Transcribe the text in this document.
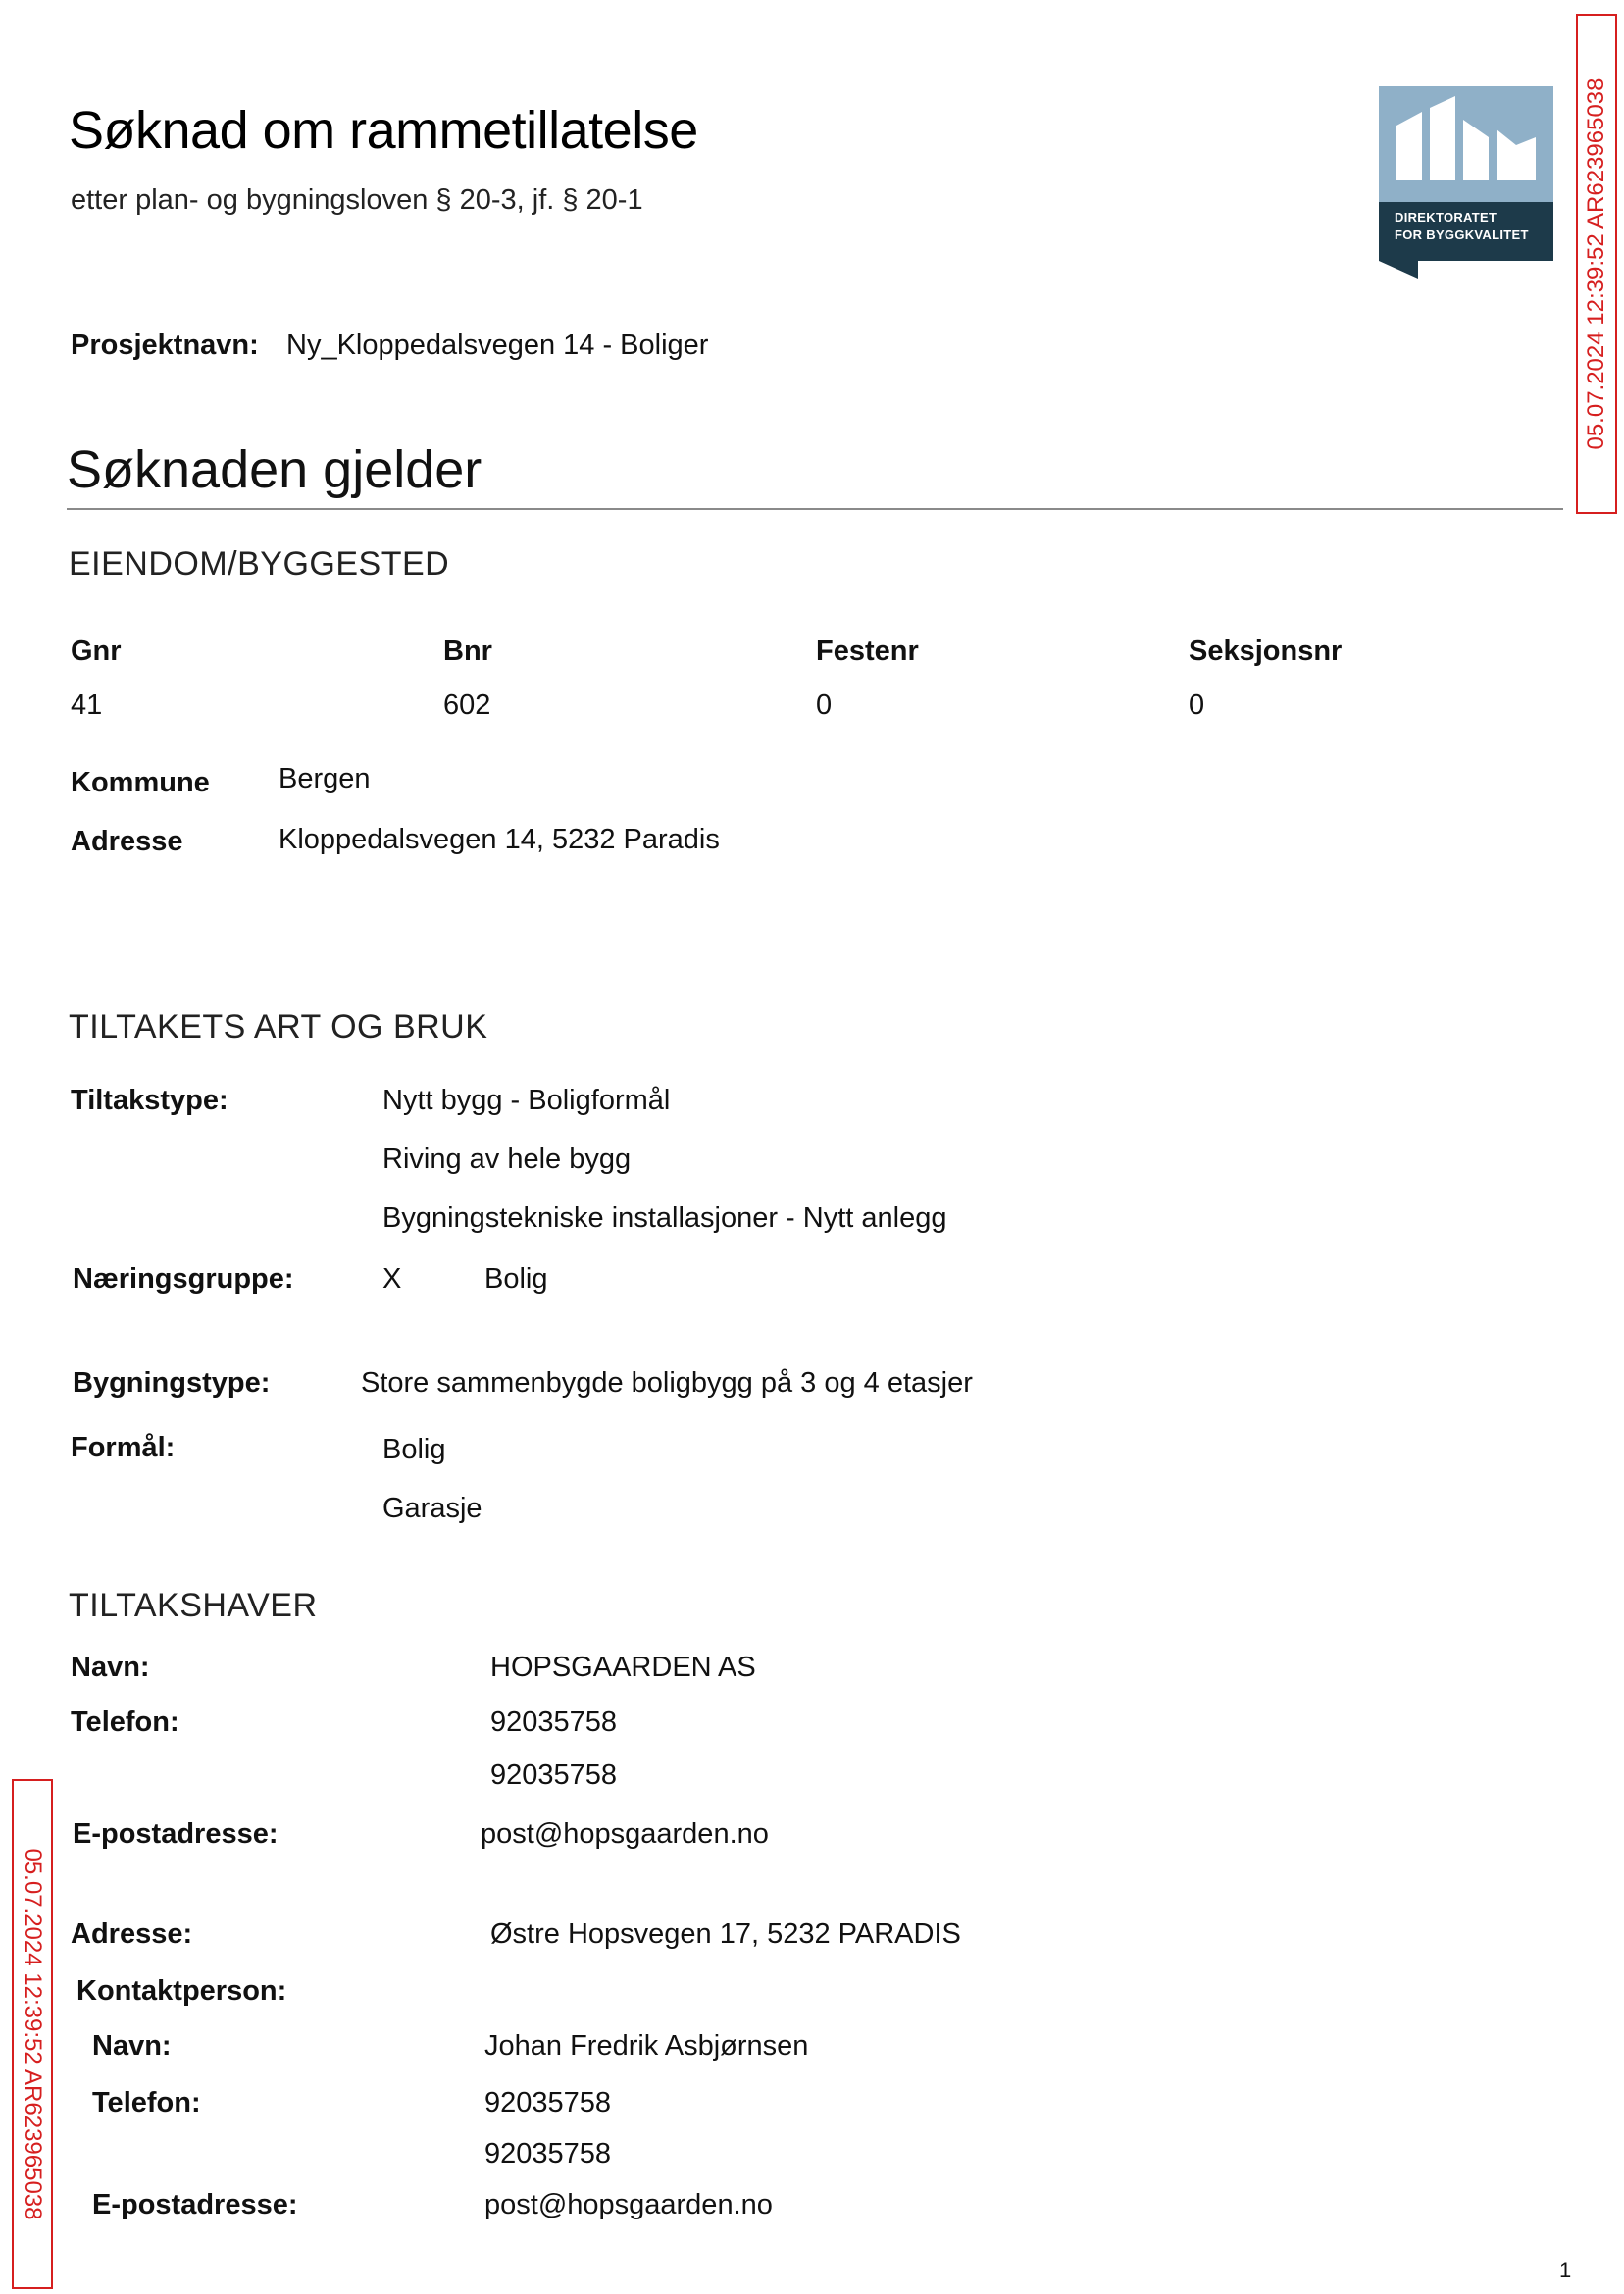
Søknad om rammetillatelse
etter plan- og bygningsloven § 20-3, jf. § 20-1
DIREKTORATET
FOR BYGGKVALITET 05.07.2024 12:39:52 AR623965038
05.07.2024 12:39:52 AR623965038
Prosjektnavn: Ny_Kloppedalsvegen 14 - Boliger
Søknaden gjelder
EIENDOM/BYGGESTED
Gnr	Bnr	Festenr	Seksjonsnr
41	602	0	0
Kommune Bergen
Adresse	Kloppedalsvegen 14, 5232 Paradis
TILTAKETS ART OG BRUK
Tiltakstype:	Nytt bygg - Boligformål
Riving av hele bygg
Bygningstekniske installasjoner - Nytt anlegg
Næringsgruppe:	X	Bolig
Bygningstype:	Store sammenbygde boligbygg på 3 og 4 etasjer
Formål:	Bolig
Garasje
TILTAKSHAVER
Navn:	HOPSGAARDEN AS
Telefon:	92035758
92035758
E-postadresse:	post@hopsgaarden.no
Adresse:	Østre Hopsvegen 17, 5232 PARADIS
Kontaktperson:
Navn:	Johan Fredrik Asbjørnsen
Telefon:	92035758
92035758
E-postadresse:	post@hopsgaarden.no
1
